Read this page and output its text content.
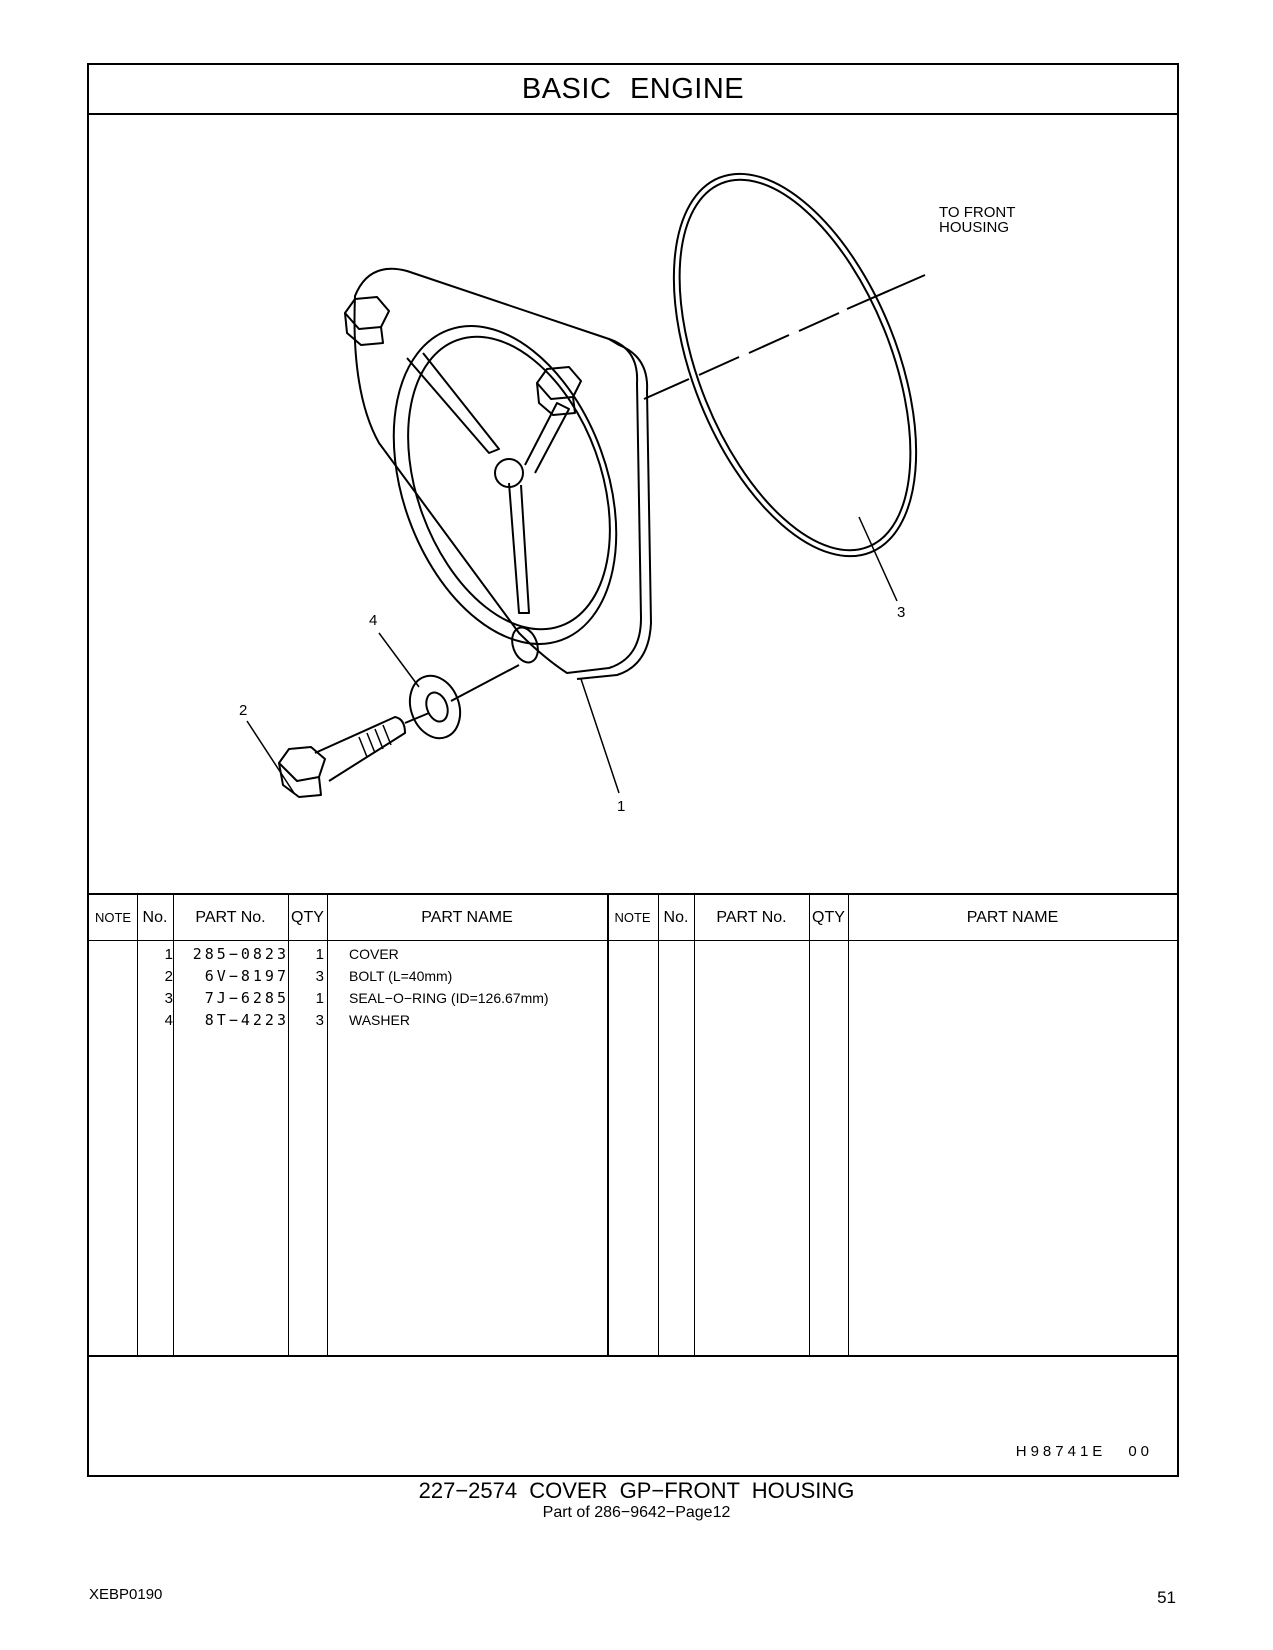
BASIC ENGINE
TO FRONT
HOUSING
1
2
3
4
NOTE No.	PART No.	QTY	PART NAME	NOTE No.	PART No.	QTY	PART NAME
1	285−0823	1 COVER
2	6V−8197	3 BOLT (L=40mm)
3	7J−6285	1 SEAL−O−RING (ID=126.67mm)
4	8T−4223	3 WASHER
H98741E 00
227−2574 COVER GP−FRONT HOUSING
Part of 286−9642−Page12
XEBP0190	51
